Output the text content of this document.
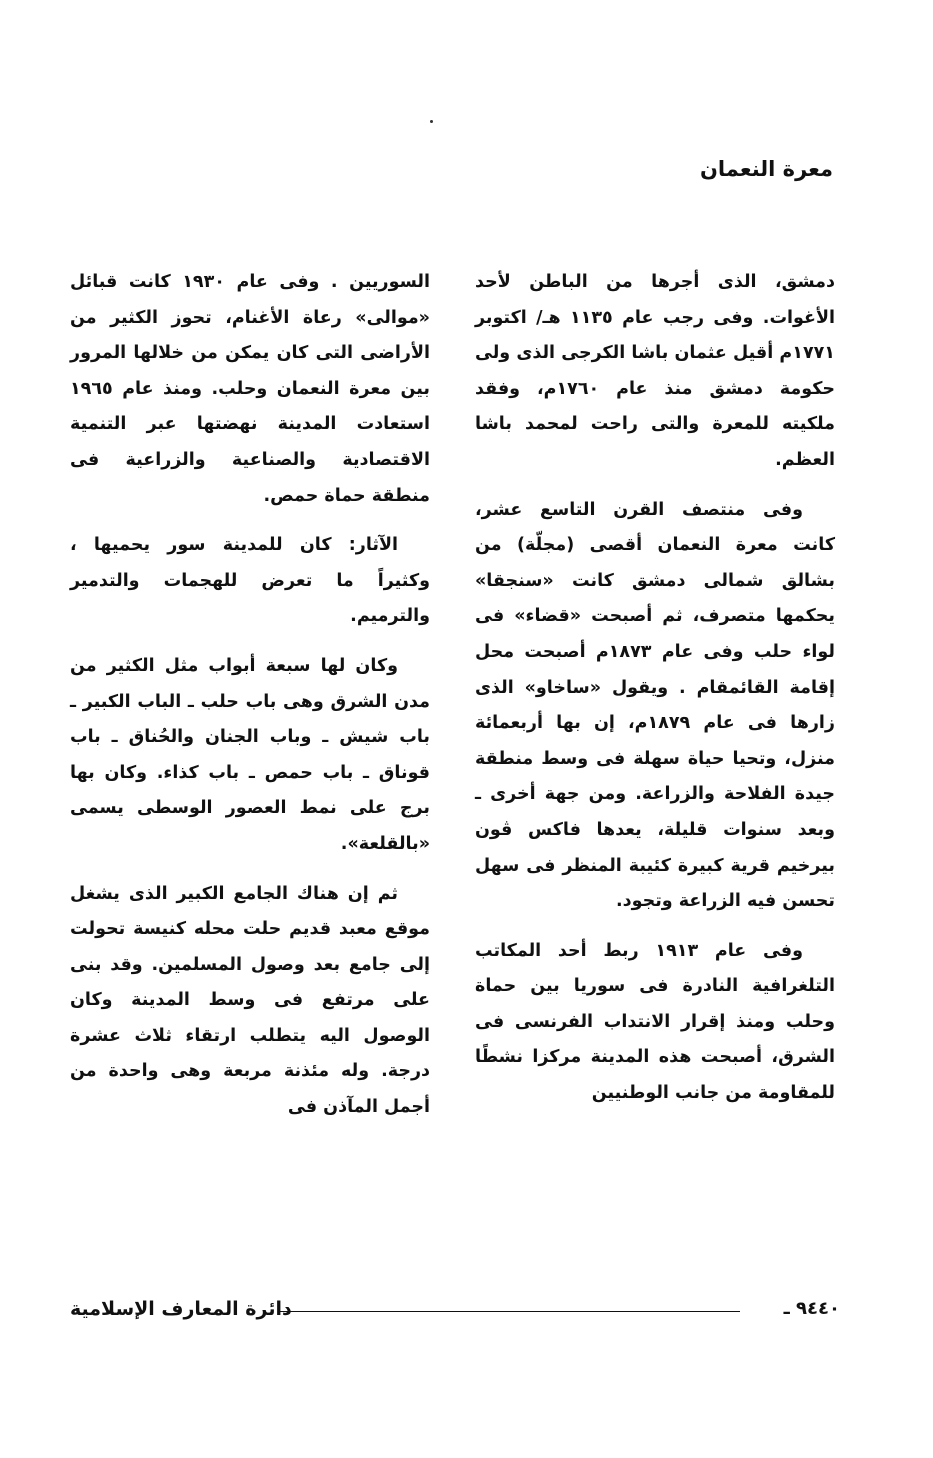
معرة النعمان

دمشق، الذى أجرها من الباطن لأحد الأغوات. وفى رجب عام ١١٣٥ هـ/ اكتوبر ١٧٧١م أقيل عثمان باشا الكرجى الذى ولى حكومة دمشق منذ عام ١٧٦٠م، وفقد ملكيته للمعرة والتى راحت لمحمد باشا العظم.

وفى منتصف القرن التاسع عشر، كانت معرة النعمان أقصى (مجلّة) من بشالق شمالى دمشق كانت «سنجقا» يحكمها متصرف، ثم أصبحت «قضاء» فى لواء حلب وفى عام ١٨٧٣م أصبحت محل إقامة القائمقام . ويقول «ساخاو» الذى زارها فى عام ١٨٧٩م، إن بها أربعمائة منزل، وتحيا حياة سهلة فى وسط منطقة جيدة الفلاحة والزراعة. ومن جهة أخرى ـ وبعد سنوات قليلة، يعدها فاكس ڤون بيرخيم قرية كبيرة كئيبة المنظر فى سهل تحسن فيه الزراعة وتجود.

وفى عام ١٩١٣ ربط أحد المكاتب التلغرافية النادرة فى سوريا بين حماة وحلب ومنذ إقرار الانتداب الفرنسى فى الشرق، أصبحت هذه المدينة مركزا نشطًا للمقاومة من جانب الوطنيين

السوريين . وفى عام ١٩٣٠ كانت قبائل «موالى» رعاة الأغنام، تحوز الكثير من الأراضى التى كان يمكن من خلالها المرور بين معرة النعمان وحلب. ومنذ عام ١٩٦٥ استعادت المدينة نهضتها عبر التنمية الاقتصادية والصناعية والزراعية فى منطقة حماة حمص.

الآثار: كان للمدينة سور يحميها ، وكثيراً ما تعرض للهجمات والتدمير والترميم.

وكان لها سبعة أبواب مثل الكثير من مدن الشرق وهى باب حلب ـ الباب الكبير ـ باب شيش ـ وباب الجنان والحُناق ـ باب قوناق ـ باب حمص ـ باب كذاء. وكان بها برج على نمط العصور الوسطى يسمى «بالقلعة».

ثم إن هناك الجامع الكبير الذى يشغل موقع معبد قديم حلت محله كنيسة تحولت إلى جامع بعد وصول المسلمين. وقد بنى على مرتفع فى وسط المدينة وكان الوصول اليه يتطلب ارتقاء ثلاث عشرة درجة. وله مئذنة مربعة وهى واحدة من أجمل المآذن فى

٩٤٤٠ ـ
دائرة المعارف الإسلامية
